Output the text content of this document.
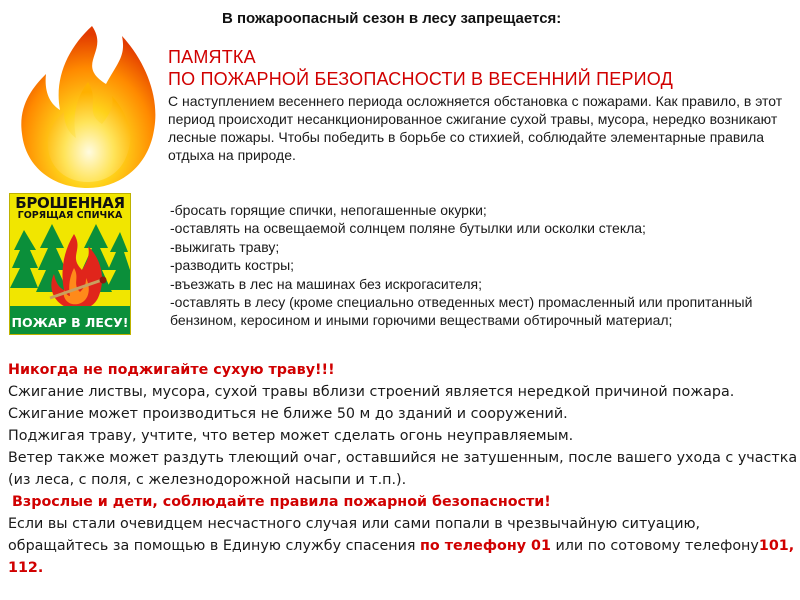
В пожароопасный сезон в лесу запрещается:
ПАМЯТКА
ПО ПОЖАРНОЙ БЕЗОПАСНОСТИ В ВЕСЕННИЙ ПЕРИОД
С наступлением весеннего периода осложняется обстановка с пожарами. Как правило, в этот период происходит несанкционированное сжигание сухой травы, мусора, нередко возникают лесные пожары. Чтобы победить в борьбе со стихией, соблюдайте элементарные правила отдыха на природе.
БРОШЕННАЯ
ГОРЯЩАЯ СПИЧКА
ПОЖАР В ЛЕСУ!
-бросать горящие спички, непогашенные окурки;
-оставлять на освещаемой солнцем поляне бутылки или осколки стекла;
-выжигать траву;
-разводить костры;
-въезжать в лес на машинах без искрогасителя;
-оставлять в лесу (кроме специально отведенных мест) промасленный или пропитанный бензином, керосином и иными горючими веществами обтирочный материал;

Никогда не поджигайте сухую траву!!!

Сжигание листвы, мусора, сухой травы вблизи строений является нередкой причиной пожара.

Сжигание может производиться не ближе 50 м до зданий и сооружений.

Поджигая траву, учтите, что ветер может сделать огонь неуправляемым.

Ветер также может раздуть тлеющий очаг, оставшийся не затушенным, после вашего ухода с участка (из леса, с поля, с железнодорожной насыпи и т.п.).

Взрослые и дети, соблюдайте правила пожарной безопасности!

Если вы стали очевидцем несчастного случая или сами попали в чрезвычайную ситуацию, обращайтесь за помощью в Единую службу спасения по телефону 01 или по сотовому телефону101, 112.
